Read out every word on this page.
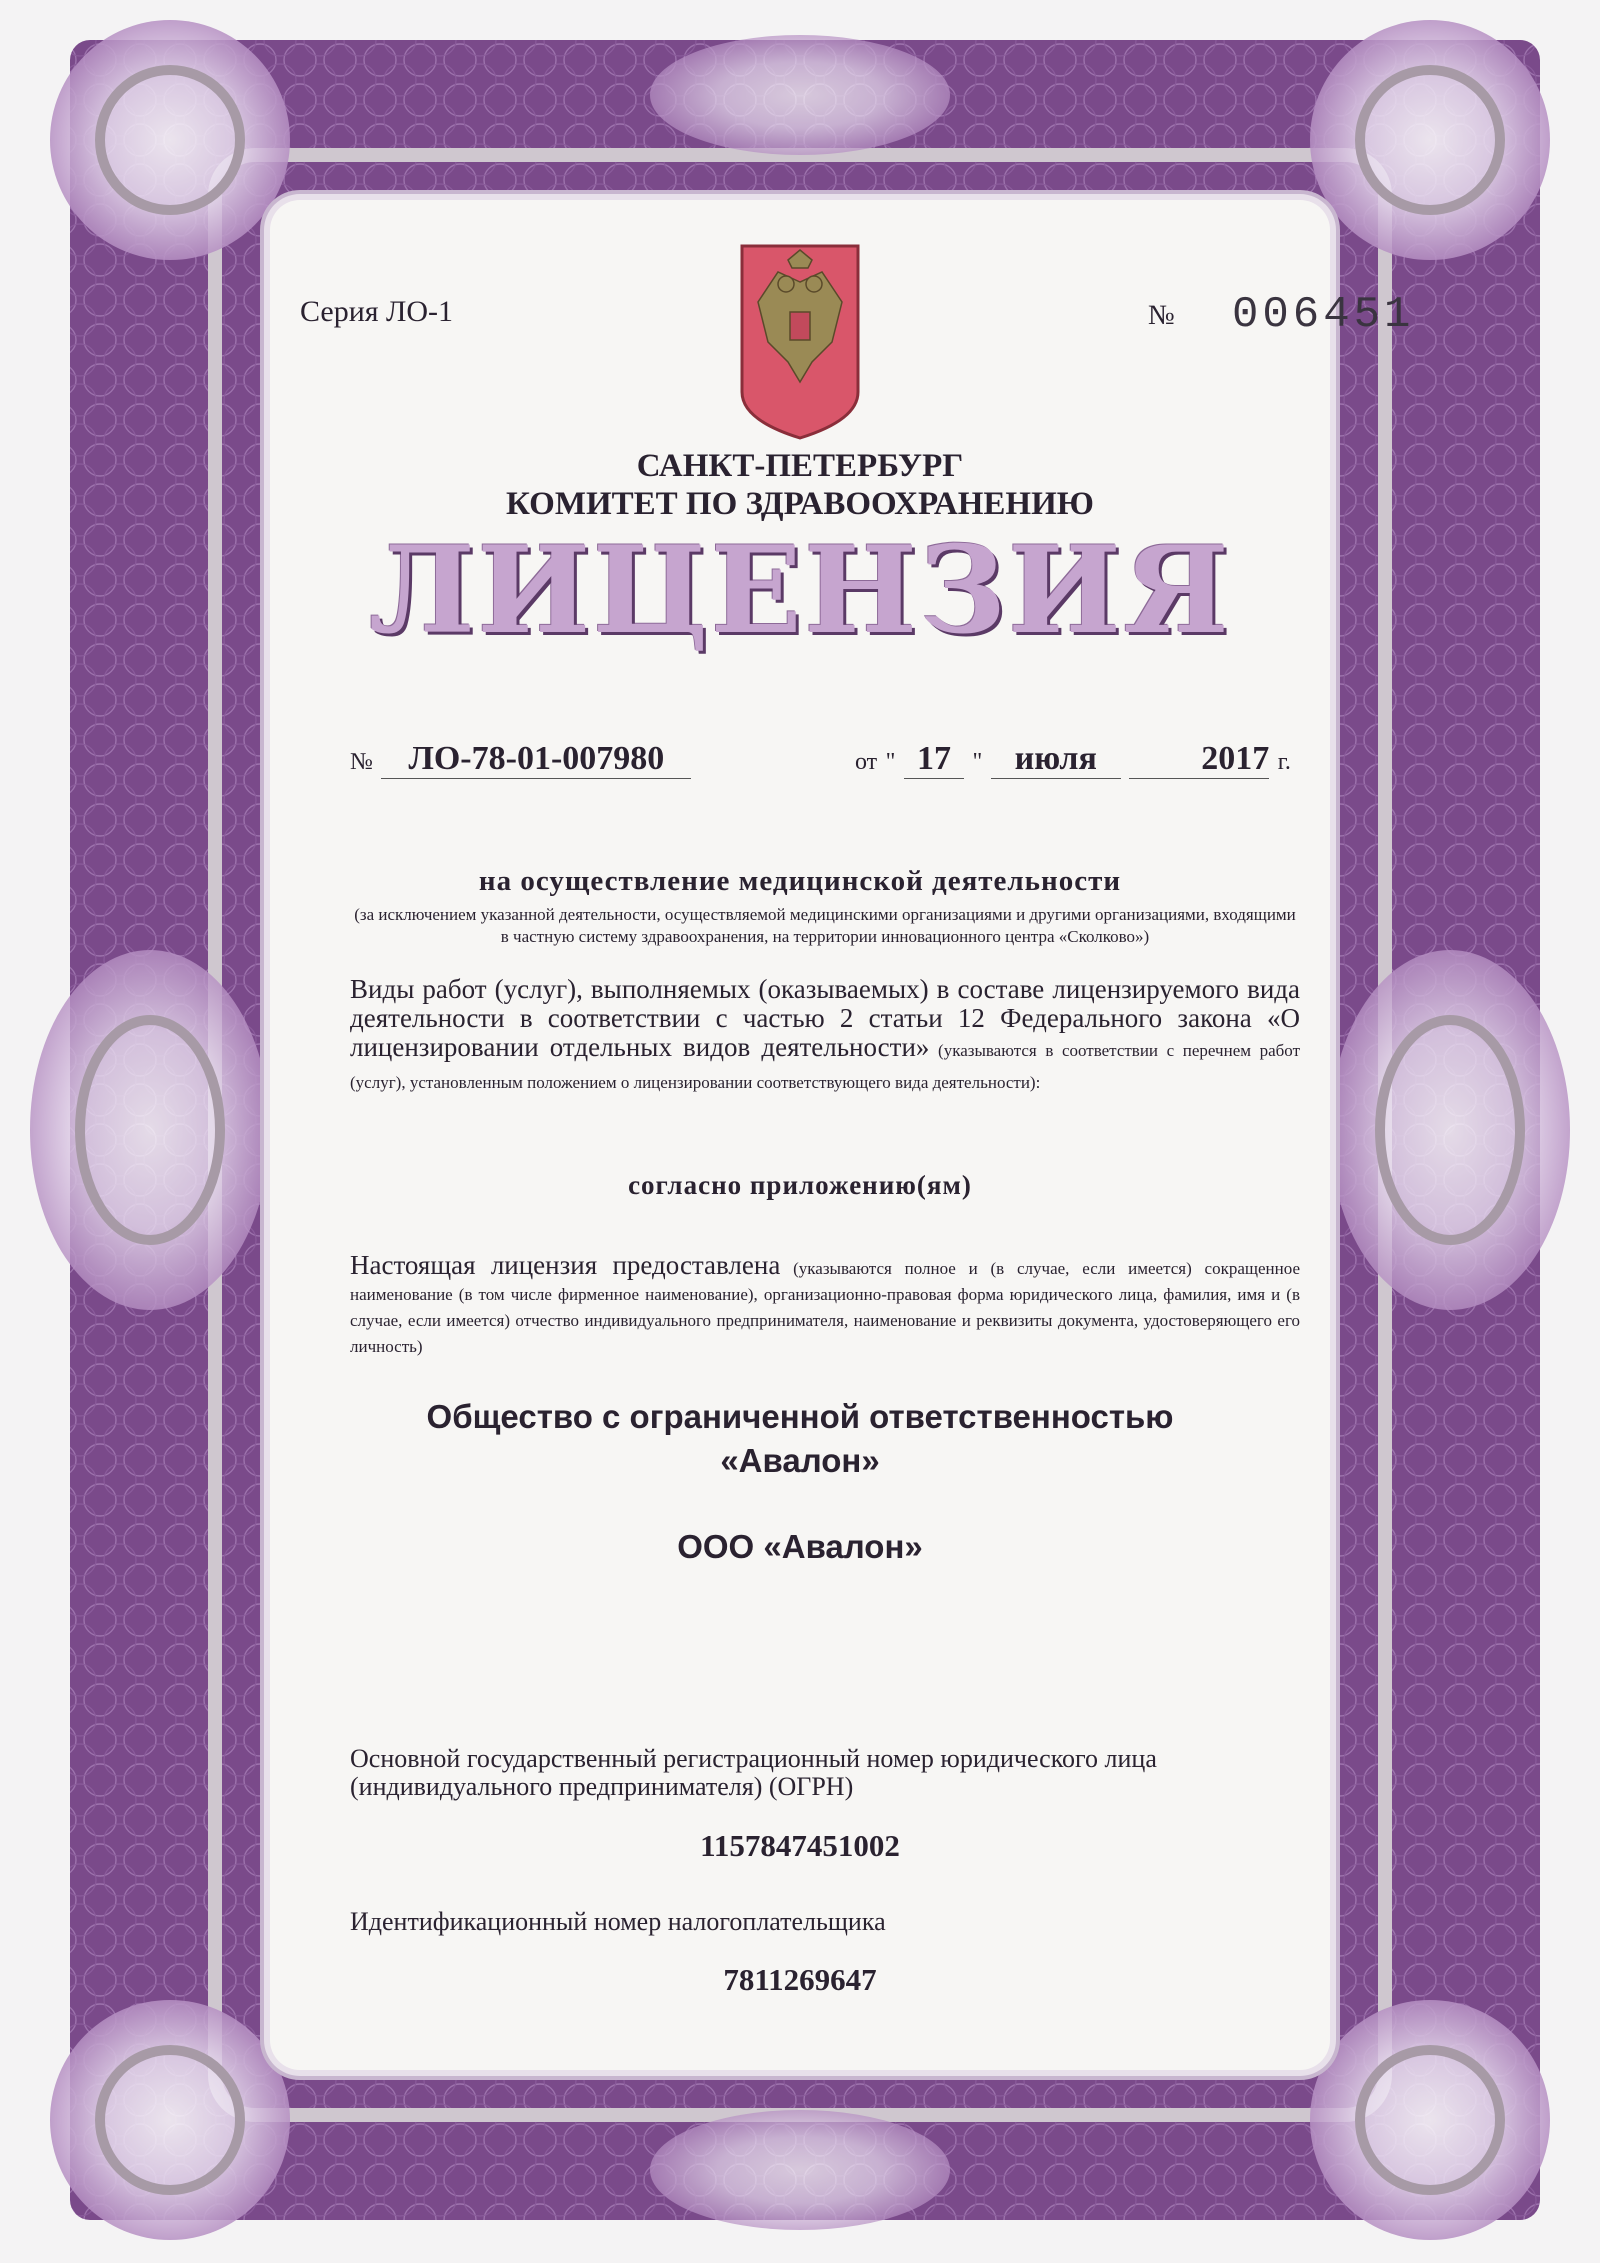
Серия ЛО-1	№ 006451
САНКТ-ПЕТЕРБУРГ
КОМИТЕТ ПО ЗДРАВООХРАНЕНИЮ
ЛИЦЕНЗИЯ
№ ЛО-78-01-007980	от " 17 " июля	2017 г.
на осуществление медицинской деятельности
(за исключением указанной деятельности, осуществляемой медицинскими организациями и другими организациями, входящими в частную систему здравоохранения, на территории инновационного центра «Сколково»)
Виды работ (услуг), выполняемых (оказываемых) в составе лицензируемого вида деятельности в соответствии с частью 2 статьи 12 Федерального закона «О лицензировании отдельных видов деятельности» (указываются в соответствии с перечнем работ (услуг), установленным положением о лицензировании соответствующего вида деятельности):
согласно приложению(ям)
Настоящая лицензия предоставлена (указываются полное и (в случае, если имеется) сокращенное наименование (в том числе фирменное наименование), организационно-правовая форма юридического лица, фамилия, имя и (в случае, если имеется) отчество индивидуального предпринимателя, наименование и реквизиты документа, удостоверяющего его личность)
Общество с ограниченной ответственностью
«Авалон»
ООО «Авалон»
Основной государственный регистрационный номер юридического лица (индивидуального предпринимателя) (ОГРН)
1157847451002
Идентификационный номер налогоплательщика
7811269647
